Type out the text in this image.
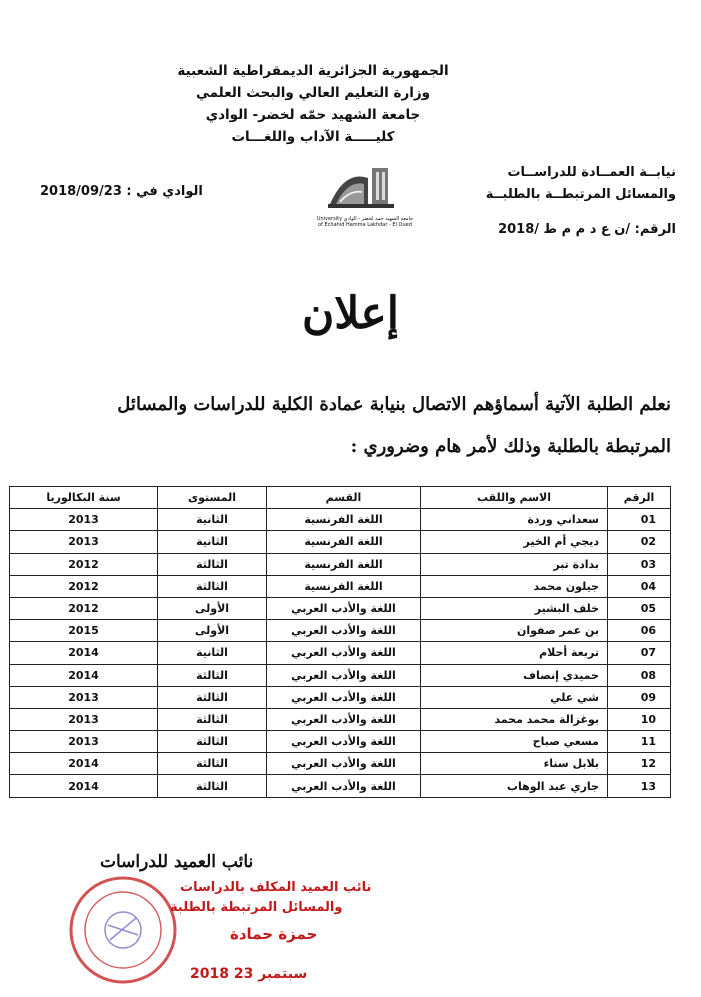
الجمهورية الجزائرية الديمقراطية الشعبية
وزارة التعليم العالي والبحث العلمي
جامعة الشهيد حمّه لخضر- الوادي
كليـــــة الآداب واللغـــات
نيابــة العمــادة للدراســات
والمسائل المرتبطــة بالطلبــة
الرقم: /ن ع د م م ط /2018
الوادي في : 2018/09/23
جامعة الشهيد حمه لخضر - الوادي University of Echahid Hamma Lakhdar - El Oued
إعلان
نعلم الطلبة الآتية أسماؤهم الاتصال بنيابة عمادة الكلية للدراسات والمسائل
المرتبطة بالطلبة وذلك لأمر هام وضروري :
الرقم	الاسم واللقب	القسم	المستوى	سنة البكالوريا
01	سعداني وردة	اللغة الفرنسية	الثانية	2013
02	ديجي أم الخير	اللغة الفرنسية	الثانية	2013
03	بدادة تبر	اللغة الفرنسية	الثالثة	2012
04	جيلون محمد	اللغة الفرنسية	الثالثة	2012
05	خلف البشير	اللغة والأدب العربي	الأولى	2012
06	بن عمر صفوان	اللغة والأدب العربي	الأولى	2015
07	تربعة أحلام	اللغة والأدب العربي	الثانية	2014
08	حميدي إنصاف	اللغة والأدب العربي	الثالثة	2014
09	شي علي	اللغة والأدب العربي	الثالثة	2013
10	بوغزالة محمد محمد	اللغة والأدب العربي	الثالثة	2013
11	مسعي صباح	اللغة والأدب العربي	الثالثة	2013
12	بلابل سناء	اللغة والأدب العربي	الثالثة	2014
13	جاري عبد الوهاب	اللغة والأدب العربي	الثالثة	2014
نائب العميد للدراسات
نائب العميد المكلف بالدراسات
والمسائل المرتبطة بالطلبة
حمزة حمادة
2018 سبتمبر 23
